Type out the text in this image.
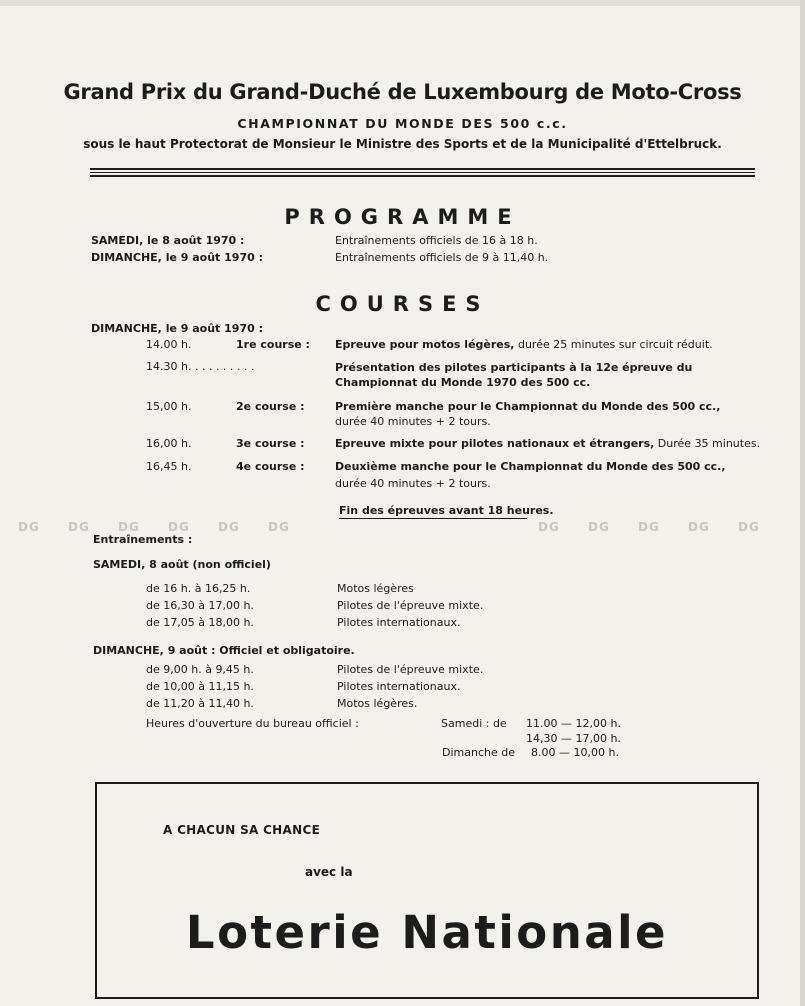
Grand Prix du Grand-Duché de Luxembourg de Moto-Cross
CHAMPIONNAT DU MONDE DES 500 c.c.
sous le haut Protectorat de Monsieur le Ministre des Sports et de la Municipalité d'Ettelbruck.
PROGRAMME
SAMEDI, le 8 août 1970 :	Entraînements officiels de 16 à 18 h.
DIMANCHE, le 9 août 1970 :	Entraînements officiels de 9 à 11,40 h.
COURSES
DIMANCHE, le 9 août 1970 :
14.00 h.	1re course : Epreuve pour motos légères, durée 25 minutes sur circuit réduit.
14.30 h. . . . . . . . . .	Présentation des pilotes participants à la 12e épreuve du Championnat du Monde 1970 des 500 cc.
15,00 h.	2e course :	Première manche pour le Championnat du Monde des 500 cc.,
durée 40 minutes + 2 tours.
16,00 h.	3e course :	Epreuve mixte pour pilotes nationaux et étrangers, Durée 35 minutes.
16,45 h.	4e course :	Deuxième manche pour le Championnat du Monde des 500 cc.,
durée 40 minutes + 2 tours.
Fin des épreuves avant 18 heures.
DG DG DG DG DG DG	DG DG DG DG DG
Entraînements :
SAMEDI, 8 août (non officiel)
de 16 h. à 16,25 h.	Motos légères
de 16,30 à 17,00 h.	Pilotes de l'épreuve mixte.
de 17,05 à 18,00 h.	Pilotes internationaux.
DIMANCHE, 9 août : Officiel et obligatoire.
de 9,00 h. à 9,45 h.	Pilotes de l'épreuve mixte.
de 10,00 à 11,15 h.	Pilotes internationaux.
de 11,20 à 11,40 h.	Motos légères.
Heures d'ouverture du bureau officiel :	Samedi : de 11.00 — 12,00 h.
14,30 — 17,00 h.
Dimanche de 8.00 — 10,00 h.
A CHACUN SA CHANCE
avec la
Loterie Nationale
